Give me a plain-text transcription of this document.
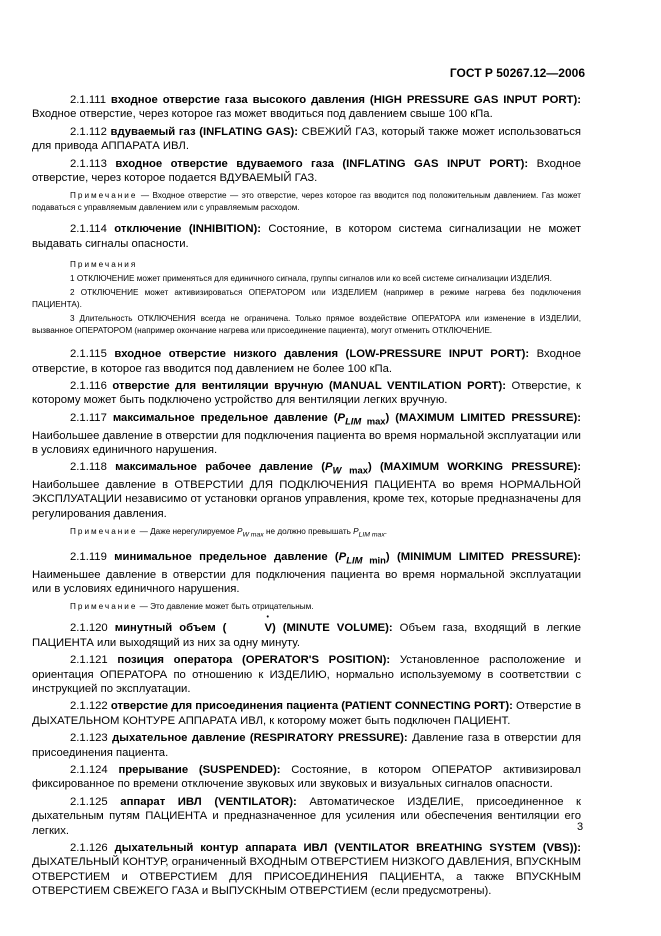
ГОСТ Р 50267.12—2006

2.1.111 входное отверстие газа высокого давления (HIGH PRESSURE GAS INPUT PORT): Входное отверстие, через которое газ может вводиться под давлением свыше 100 кПа.

2.1.112 вдуваемый газ (INFLATING GAS): СВЕЖИЙ ГАЗ, который также может использоваться для привода АППАРАТА ИВЛ.

2.1.113 входное отверстие вдуваемого газа (INFLATING GAS INPUT PORT): Входное отверстие, через которое подается ВДУВАЕМЫЙ ГАЗ.

Примечание — Входное отверстие — это отверстие, через которое газ вводится под положительным давлением. Газ может подаваться с управляемым давлением или с управляемым расходом.

2.1.114 отключение (INHIBITION): Состояние, в котором система сигнализации не может выдавать сигналы опасности.

Примечания

1 ОТКЛЮЧЕНИЕ может применяться для единичного сигнала, группы сигналов или ко всей системе сигнализации ИЗДЕЛИЯ.

2 ОТКЛЮЧЕНИЕ может активизироваться ОПЕРАТОРОМ или ИЗДЕЛИЕМ (например в режиме нагрева без подключения ПАЦИЕНТА).

3 Длительность ОТКЛЮЧЕНИЯ всегда не ограничена. Только прямое воздействие ОПЕРАТОРА или изменение в ИЗДЕЛИИ, вызванное ОПЕРАТОРОМ (например окончание нагрева или присоединение пациента), могут отменить ОТКЛЮЧЕНИЕ.

2.1.115 входное отверстие низкого давления (LOW-PRESSURE INPUT PORT): Входное отверстие, в которое газ вводится под давлением не более 100 кПа.

2.1.116 отверстие для вентиляции вручную (MANUAL VENTILATION PORT): Отверстие, к которому может быть подключено устройство для вентиляции легких вручную.

2.1.117 максимальное предельное давление $(P_{LIM max})$ (MAXIMUM LIMITED PRESSURE): Наибольшее давление в отверстии для подключения пациента во время нормальной эксплуатации или в условиях единичного нарушения.

2.1.118 максимальное рабочее давление $(P_{W max})$ (MAXIMUM WORKING PRESSURE): Наибольшее давление в ОТВЕРСТИИ ДЛЯ ПОДКЛЮЧЕНИЯ ПАЦИЕНТА во время НОРМАЛЬНОЙ ЭКСПЛУАТАЦИИ независимо от установки органов управления, кроме тех, которые предназначены для регулирования давления.

Примечание — Даже нерегулируемое $P_{W max}$ не должно превышать $P_{LIM max}$.

2.1.119 минимальное предельное давление $(P_{LIM min})$ (MINIMUM LIMITED PRESSURE): Наименьшее давление в отверстии для подключения пациента во время нормальной эксплуатации или в условиях единичного нарушения.

Примечание — Это давление может быть отрицательным.

2.1.120 минутный объем (•	V) (MINUTE VOLUME): Объем газа, входящий в легкие ПАЦИЕНТА или выходящий из них за одну минуту.

2.1.121 позиция оператора (OPERATOR'S POSITION): Установленное расположение и ориентация ОПЕРАТОРА по отношению к ИЗДЕЛИЮ, нормально используемому в соответствии с инструкцией по эксплуатации.

2.1.122 отверстие для присоединения пациента (PATIENT CONNECTING PORT): Отверстие в ДЫХАТЕЛЬНОМ КОНТУРЕ АППАРАТА ИВЛ, к которому может быть подключен ПАЦИЕНТ.

2.1.123 дыхательное давление (RESPIRATORY PRESSURE): Давление газа в отверстии для присоединения пациента.

2.1.124 прерывание (SUSPENDED): Состояние, в котором ОПЕРАТОР активизировал фиксированное по времени отключение звуковых или звуковых и визуальных сигналов опасности.

2.1.125 аппарат ИВЛ (VENTILATOR): Автоматическое ИЗДЕЛИЕ, присоединенное к дыхательным путям ПАЦИЕНТА и предназначенное для усиления или обеспечения вентиляции его легких.

2.1.126 дыхательный контур аппарата ИВЛ (VENTILATOR BREATHING SYSTEM (VBS)): ДЫХАТЕЛЬНЫЙ КОНТУР, ограниченный ВХОДНЫМ ОТВЕРСТИЕМ НИЗКОГО ДАВЛЕНИЯ, ВПУСКНЫМ ОТВЕРСТИЕМ и ОТВЕРСТИЕМ ДЛЯ ПРИСОЕДИНЕНИЯ ПАЦИЕНТА, а также ВПУСКНЫМ ОТВЕРСТИЕМ СВЕЖЕГО ГАЗА и ВЫПУСКНЫМ ОТВЕРСТИЕМ (если предусмотрены).

3
